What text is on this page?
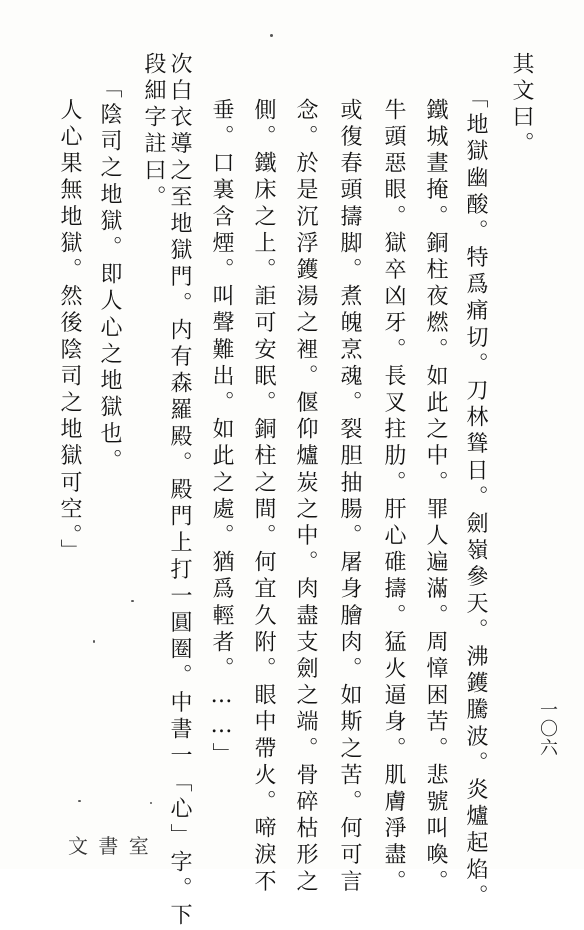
其文曰。
「地獄幽酸。特爲痛切。刀林聳日。劍嶺參天。沸鑊騰波。炎爐起焰。
鐵城晝掩。銅柱夜燃。如此之中。罪人遍滿。周慞困苦。悲號叫喚。
牛頭惡眼。獄卒凶牙。長叉拄肋。肝心碓擣。猛火逼身。肌膚淨盡。
或復春頭擣脚。煮魄烹魂。裂胆抽腸。屠身膾肉。如斯之苦。何可言
念。於是沉浮鑊湯之裡。偃仰爐炭之中。肉盡支劍之端。骨碎枯形之
側。鐵床之上。詎可安眠。銅柱之間。何宜久附。眼中帶火。啼淚不
垂。口裏含煙。叫聲難出。如此之處。猶爲輕者。……」
次白衣導之至地獄門。内有森羅殿。殿門上打一圓圈。中書一「心」字。下
段細字註曰。
「陰司之地獄。即人心之地獄也。
人心果無地獄。然後陰司之地獄可空。」
一〇六
文 書 室
